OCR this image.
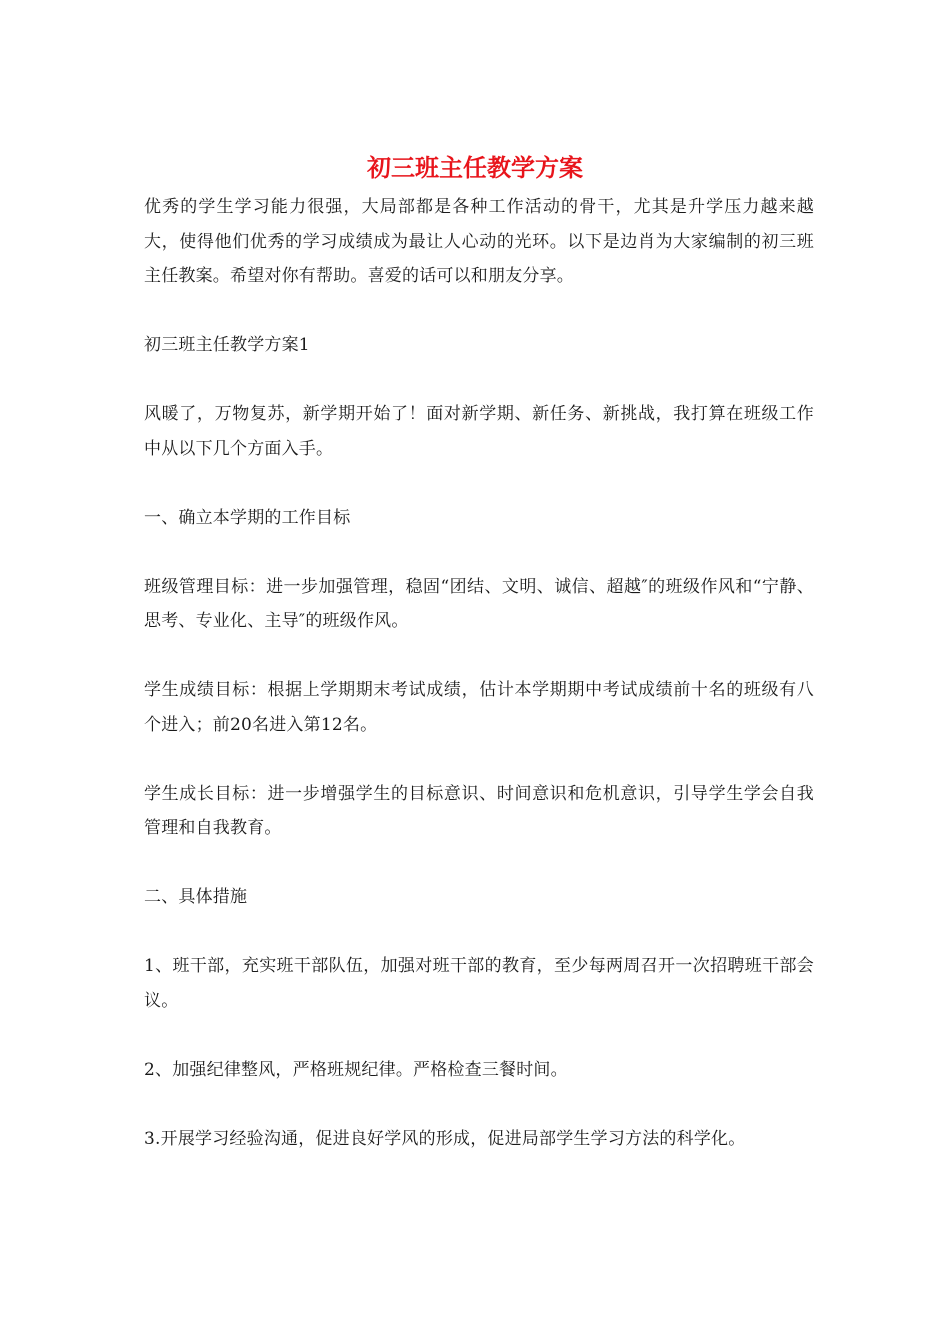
初三班主任教学方案

优秀的学生学习能力很强，大局部都是各种工作活动的骨干，尤其是升学压力越来越大，使得他们优秀的学习成绩成为最让人心动的光环。以下是边肖为大家编制的初三班主任教案。希望对你有帮助。喜爱的话可以和朋友分享。

初三班主任教学方案1

风暖了，万物复苏，新学期开始了！面对新学期、新任务、新挑战，我打算在班级工作中从以下几个方面入手。

一、确立本学期的工作目标

班级管理目标：进一步加强管理，稳固“团结、文明、诚信、超越″的班级作风和“宁静、思考、专业化、主导″的班级作风。

学生成绩目标：根据上学期期末考试成绩，估计本学期期中考试成绩前十名的班级有八个进入；前20名进入第12名。

学生成长目标：进一步增强学生的目标意识、时间意识和危机意识，引导学生学会自我管理和自我教育。

二、具体措施

1、班干部，充实班干部队伍，加强对班干部的教育，至少每两周召开一次招聘班干部会议。

2、加强纪律整风，严格班规纪律。严格检查三餐时间。

3.开展学习经验沟通，促进良好学风的形成，促进局部学生学习方法的科学化。
